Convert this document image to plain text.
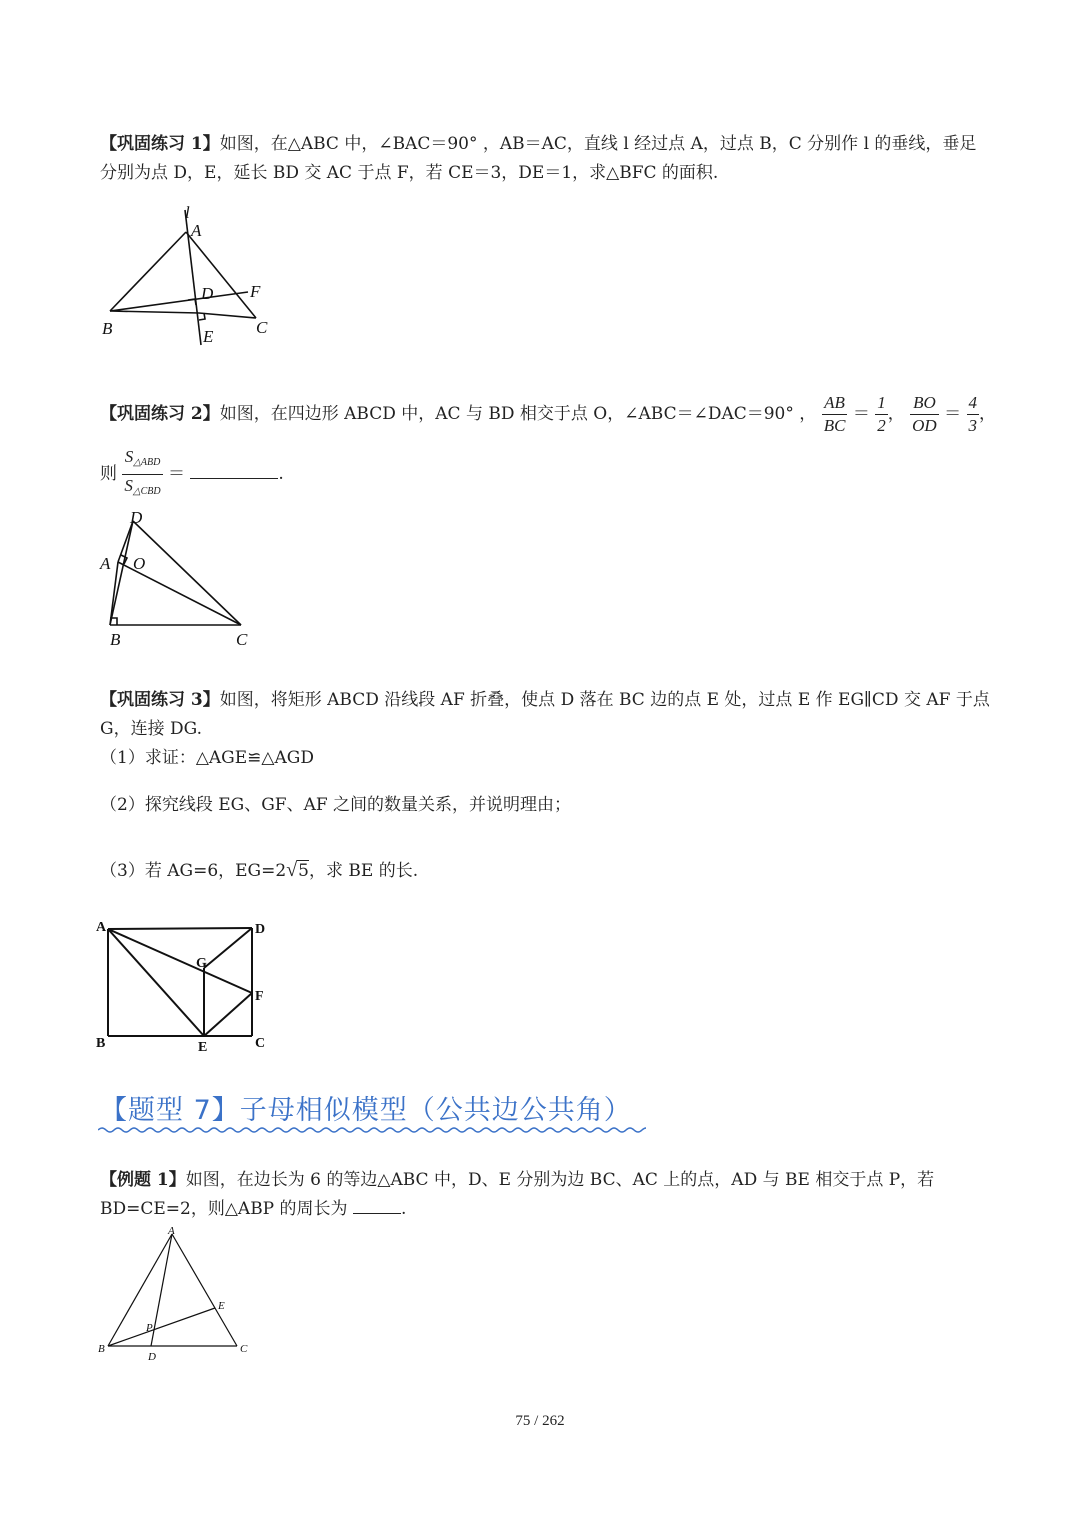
【巩固练习 1】如图，在△ABC 中，∠BAC＝90° ，AB＝AC，直线 l 经过点 A，过点 B，C 分别作 l 的垂线，垂足分别为点 D，E，延长 BD 交 AC 于点 F，若 CE＝3，DE＝1，求△BFC 的面积.
l
A
D F
B	C
E
【巩固练习 2】如图，在四边形 ABCD 中，AC 与 BD 相交于点 O，∠ABC＝∠DAC＝90° ， $\frac{AB}{BC} = \frac{1}{2}$ ， $\frac{BO}{OD} = \frac{4}{3}$ ，
则 $\frac{S_{\triangle ABD}}{S_{\triangle CBD}}$ ＝	.
D
A O
B	C
【巩固练习 3】如图，将矩形 ABCD 沿线段 AF 折叠，使点 D 落在 BC 边的点 E 处，过点 E 作 EG∥CD 交 AF 于点 G，连接 DG.
（1）求证：△AGE≌△AGD
（2）探究线段 EG、GF、AF 之间的数量关系，并说明理由；
（3）若 AG=6，EG=2√5，求 BE 的长.
A	D
G
F
B	E	C
【题型 7】子母相似模型（公共边公共角）
【例题 1】如图，在边长为 6 的等边△ABC 中，D、E 分别为边 BC、AC 上的点，AD 与 BE 相交于点 P，若 BD=CE=2，则△ABP 的周长为	.
A
E
P
B
D
C
75 / 262
